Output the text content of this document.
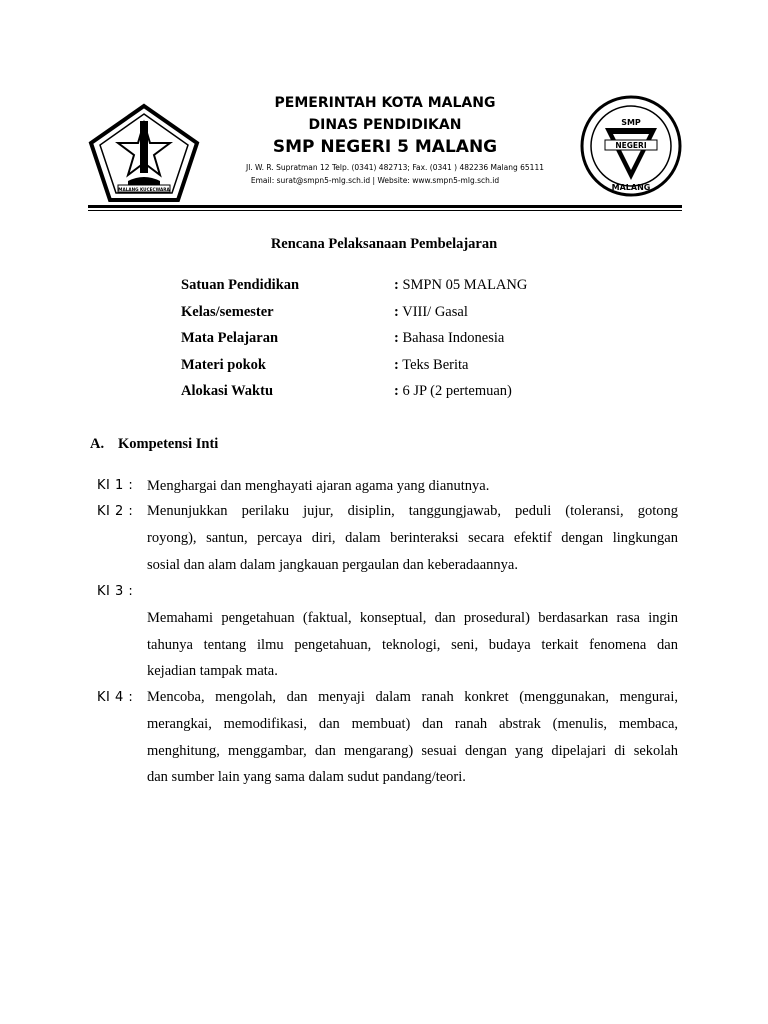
MALANG KUCECWARA
PEMERINTAH KOTA MALANG
DINAS PENDIDIKAN
SMP NEGERI 5 MALANG
Jl. W. R. Supratman 12 Telp. (0341) 482713; Fax. (0341 ) 482236 Malang 65111
Email: surat@smpn5-mlg.sch.id | Website: www.smpn5-mlg.sch.id
SMP
NEGERI
MALANG
Rencana Pelaksanaan Pembelajaran
Satuan Pendidikan	: SMPN 05 MALANG
Kelas/semester	: VIII/ Gasal
Mata Pelajaran	: Bahasa Indonesia
Materi pokok	: Teks Berita
Alokasi Waktu	: 6 JP (2 pertemuan)
A. Kompetensi Inti
KI 1 : Menghargai dan menghayati ajaran agama yang dianutnya.
KI 2 : Menunjukkan perilaku jujur, disiplin, tanggungjawab, peduli (toleransi, gotong
royong), santun, percaya diri, dalam berinteraksi secara efektif dengan lingkungan
sosial dan alam dalam jangkauan pergaulan dan keberadaannya.
KI 3 :
Memahami pengetahuan (faktual, konseptual, dan prosedural) berdasarkan rasa ingin
tahunya tentang ilmu pengetahuan, teknologi, seni, budaya terkait fenomena dan
kejadian tampak mata.
KI 4 : Mencoba, mengolah, dan menyaji dalam ranah konkret (menggunakan, mengurai,
merangkai, memodifikasi, dan membuat) dan ranah abstrak (menulis, membaca,
menghitung, menggambar, dan mengarang) sesuai dengan yang dipelajari di sekolah
dan sumber lain yang sama dalam sudut pandang/teori.
